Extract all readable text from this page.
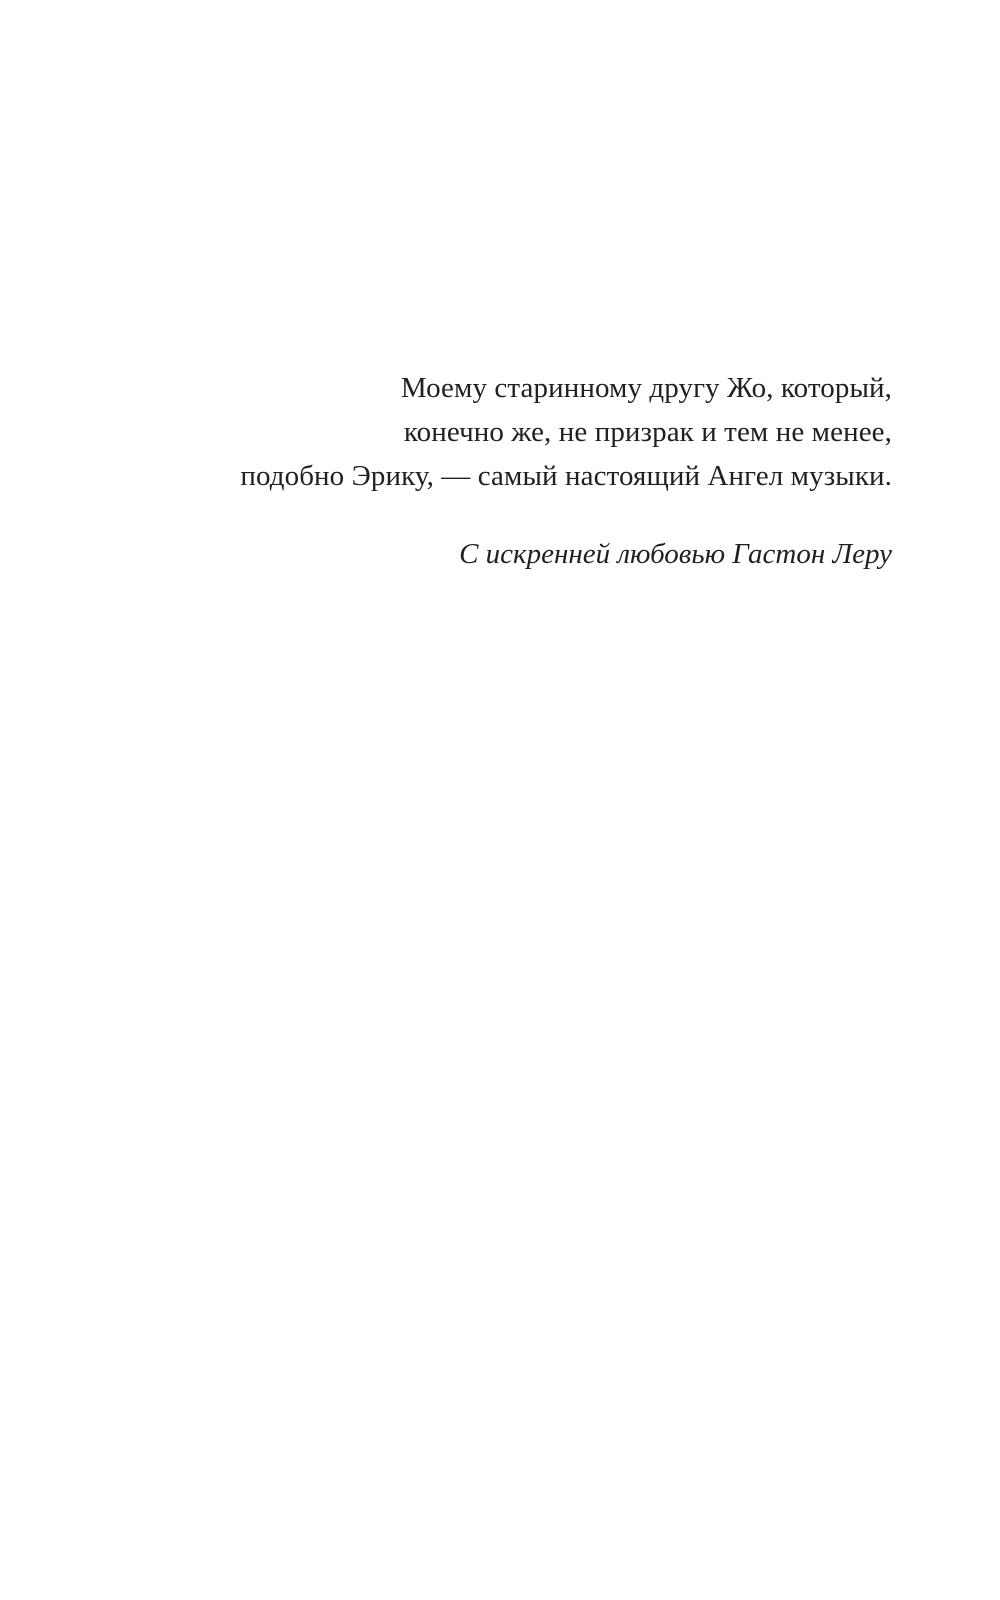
Моему старинному другу Жо, который,
конечно же, не призрак и тем не менее,
подобно Эрику, — самый настоящий Ангел музыки.
С искренней любовью Гастон Леру
